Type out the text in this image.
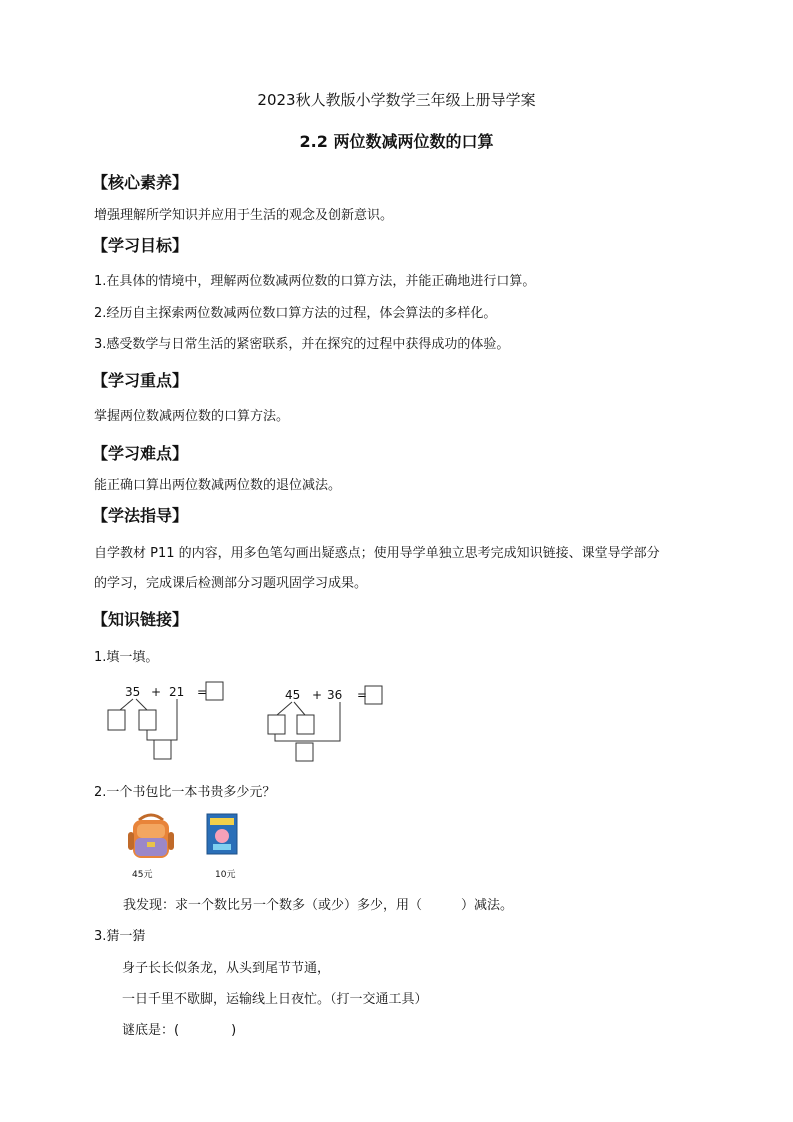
2023秋人教版小学数学三年级上册导学案
2.2 两位数减两位数的口算
【核心素养】
增强理解所学知识并应用于生活的观念及创新意识。
【学习目标】
1.在具体的情境中，理解两位数减两位数的口算方法，并能正确地进行口算。
2.经历自主探索两位数减两位数口算方法的过程，体会算法的多样化。
3.感受数学与日常生活的紧密联系，并在探究的过程中获得成功的体验。
【学习重点】
掌握两位数减两位数的口算方法。
【学习难点】
能正确口算出两位数减两位数的退位减法。
【学法指导】
自学教材 P11 的内容，用多色笔勾画出疑惑点；使用导学单独立思考完成知识链接、课堂导学部分
的学习，完成课后检测部分习题巩固学习成果。
【知识链接】
1.填一填。
35 + 21 =	45 + 36 =
2.一个书包比一本书贵多少元？
45元	10元
我发现：求一个数比另一个数多（或少）多少，用（　　　）减法。
3.猜一猜
身子长长似条龙，从头到尾节节通，
一日千里不歇脚，运输线上日夜忙。（打一交通工具）
谜底是：(　　　　)
